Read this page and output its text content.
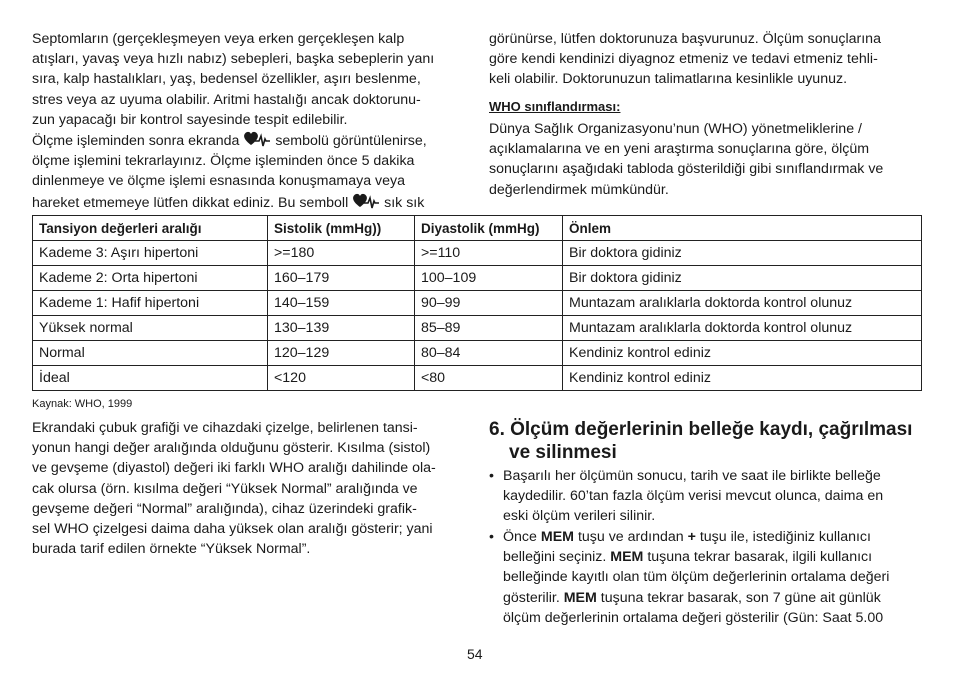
Septomların (gerçekleşmeyen veya erken gerçekleşen kalp
atışları, yavaş veya hızlı nabız) sebepleri, başka sebeplerin yanı
sıra, kalp hastalıkları, yaş, bedensel özellikler, aşırı beslenme,
stres veya az uyuma olabilir. Aritmi hastalığı ancak doktorunu-
zun yapacağı bir kontrol sayesinde tespit edilebilir.
Ölçme işleminden sonra ekranda	sembolü görüntülenirse,
ölçme işlemini tekrarlayınız. Ölçme işleminden önce 5 dakika
dinlenmeye ve ölçme işlemi esnasında konuşmamaya veya
hareket etmemeye lütfen dikkat ediniz. Bu semboll	sık sık
görünürse, lütfen doktorunuza başvurunuz. Ölçüm sonuçlarına
göre kendi kendinizi diyagnoz etmeniz ve tedavi etmeniz tehli-
keli olabilir. Doktorunuzun talimatlarına kesinlikle uyunuz.
WHO sınıflandırması:
Dünya Sağlık Organizasyonu’nun (WHO) yönetmeliklerine /
açıklamalarına ve en yeni araştırma sonuçlarına göre, ölçüm
sonuçlarını aşağıdaki tabloda gösterildiği gibi sınıflandırmak ve
değerlendirmek mümkündür.
Tansiyon değerleri aralığı	Sistolik (mmHg))	Diyastolik (mmHg)	Önlem
Kademe 3: Aşırı hipertoni	>=180	>=110	Bir doktora gidiniz
Kademe 2: Orta hipertoni	160–179	100–109	Bir doktora gidiniz
Kademe 1: Hafif hipertoni	140–159	90–99	Muntazam aralıklarla doktorda kontrol olunuz
Yüksek normal	130–139	85–89	Muntazam aralıklarla doktorda kontrol olunuz
Normal	120–129	80–84	Kendiniz kontrol ediniz
İdeal	<120	<80	Kendiniz kontrol ediniz
Kaynak: WHO, 1999
Ekrandaki çubuk grafiği ve cihazdaki çizelge, belirlenen tansi-
yonun hangi değer aralığında olduğunu gösterir. Kısılma (sistol)
ve gevşeme (diyastol) değeri iki farklı WHO aralığı dahilinde ola-
cak olursa (örn. kısılma değeri “Yüksek Normal” aralığında ve
gevşeme değeri “Normal” aralığında), cihaz üzerindeki grafik-
sel WHO çizelgesi daima daha yüksek olan aralığı gösterir; yani
burada tarif edilen örnekte “Yüksek Normal”.
6. Ölçüm değerlerinin belleğe kaydı, çağrılması
ve silinmesi
• Başarılı her ölçümün sonucu, tarih ve saat ile birlikte belleğe
kaydedilir. 60’tan fazla ölçüm verisi mevcut olunca, daima en
eski ölçüm verileri silinir.
• Önce MEM tuşu ve ardından + tuşu ile, istediğiniz kullanıcı
belleğini seçiniz. MEM tuşuna tekrar basarak, ilgili kullanıcı
belleğinde kayıtlı olan tüm ölçüm değerlerinin ortalama değeri
gösterilir. MEM tuşuna tekrar basarak, son 7 güne ait günlük
ölçüm değerlerinin ortalama değeri gösterilir (Gün: Saat 5.00
54
